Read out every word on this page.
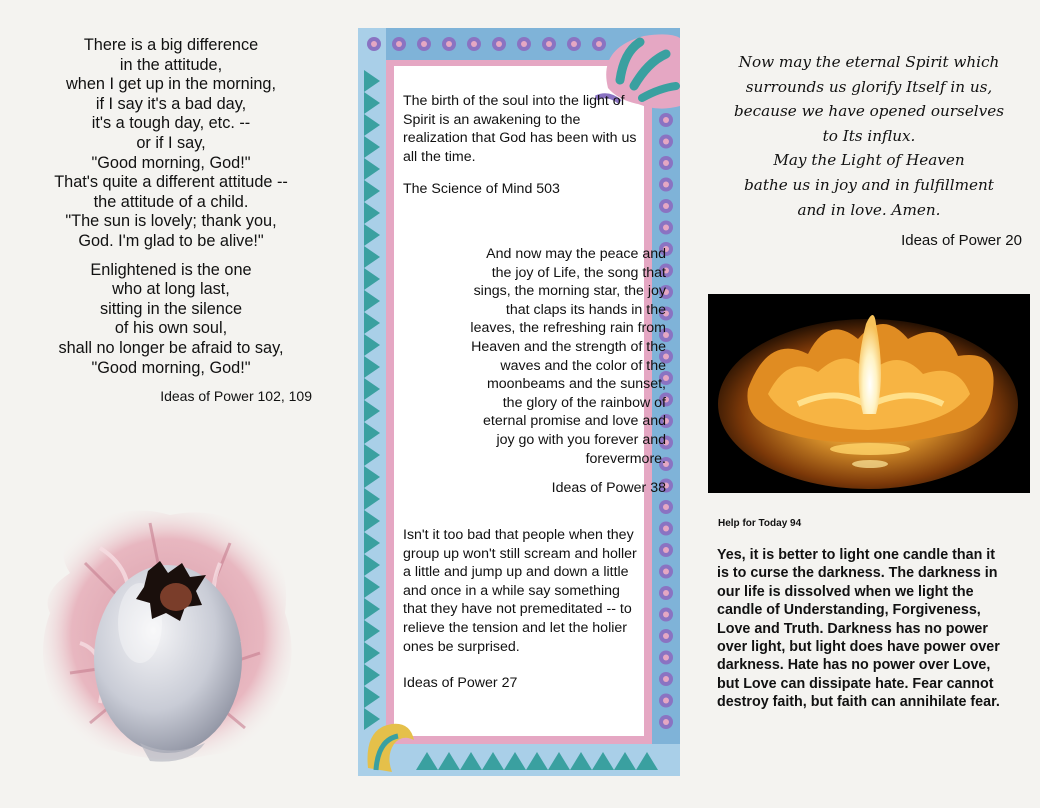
There is a big difference
in the attitude,
when I get up in the morning,
if I say it's a bad day,
it's a tough day, etc. --
or if I say,
"Good morning, God!"
That's quite a different attitude --
the attitude of a child.
"The sun is lovely; thank you,
God. I'm glad to be alive!"
Enlightened is the one
who at long last,
sitting in the silence
of his own soul,
shall no longer be afraid to say,
"Good morning, God!"
Ideas of Power 102, 109

The birth of the soul into the light of Spirit is an awakening to the realization that God has been with us all the time.

The Science of Mind 503

And now may the peace and
the joy of Life, the song that
sings, the morning star, the joy
that claps its hands in the
leaves, the refreshing rain from
Heaven and the strength of the
waves and the color of the
moonbeams and the sunset,
the glory of the rainbow of
eternal promise and love and
joy go with you forever and
forevermore.
Ideas of Power 38

Isn't it too bad that people when they group up won't still scream and holler a little and jump up and down a little and once in a while say something that they have not premeditated -- to relieve the tension and let the holier ones be surprised.

Ideas of Power 27

Now may the eternal Spirit which
surrounds us glorify Itself in us,
because we have opened ourselves
to Its influx.
May the Light of Heaven
bathe us in joy and in fulfillment
and in love. Amen.
Ideas of Power 20
Help for Today 94
Yes, it is better to light one candle than it is to curse the darkness. The darkness in our life is dissolved when we light the candle of Understanding, Forgiveness, Love and Truth. Darkness has no power over light, but light does have power over darkness. Hate has no power over Love, but Love can dissipate hate. Fear cannot destroy faith, but faith can annihilate fear.
